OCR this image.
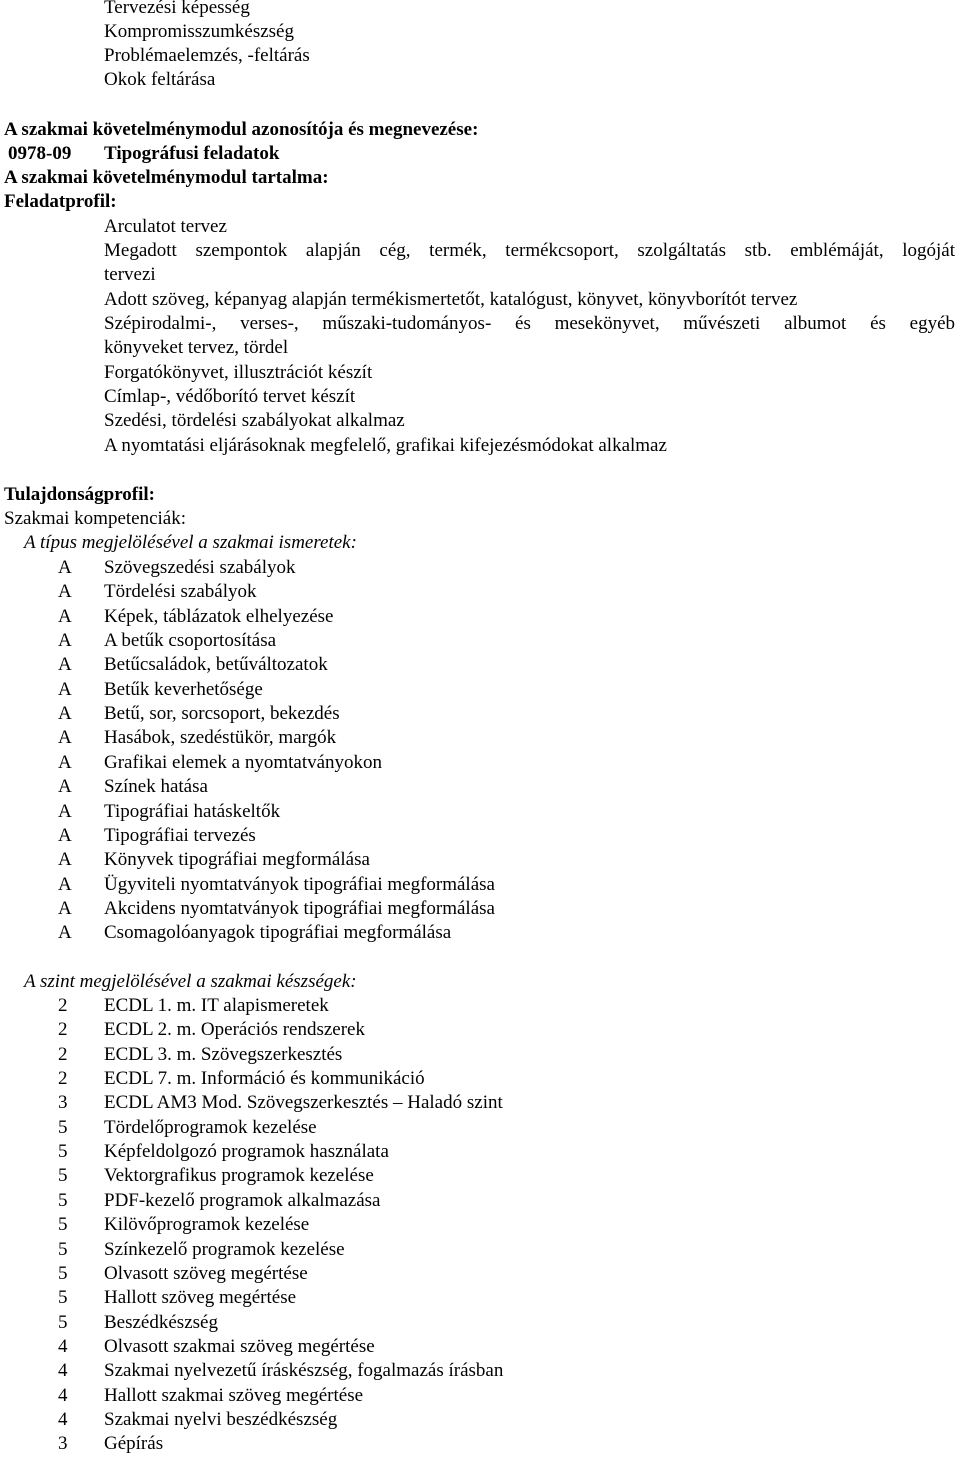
Tervezési képesség
Kompromisszumkészség
Problémaelemzés, -feltárás
Okok feltárása
A szakmai követelménymodul azonosítója és megnevezése:
0978-09 Tipográfusi feladatok
A szakmai követelménymodul tartalma:
Feladatprofil:
Arculatot tervez
Megadott szempontok alapján cég, termék, termékcsoport, szolgáltatás stb. emblémáját, logóját
tervezi
Adott szöveg, képanyag alapján termékismertetőt, katalógust, könyvet, könyvborítót tervez
Szépirodalmi-, verses-, műszaki-tudományos- és mesekönyvet, művészeti albumot és egyéb
könyveket tervez, tördel
Forgatókönyvet, illusztrációt készít
Címlap-, védőborító tervet készít
Szedési, tördelési szabályokat alkalmaz
A nyomtatási eljárásoknak megfelelő, grafikai kifejezésmódokat alkalmaz
Tulajdonságprofil:
Szakmai kompetenciák:
A típus megjelölésével a szakmai ismeretek:
A Szövegszedési szabályok
A Tördelési szabályok
A Képek, táblázatok elhelyezése
A A betűk csoportosítása
A Betűcsaládok, betűváltozatok
A Betűk keverhetősége
A Betű, sor, sorcsoport, bekezdés
A Hasábok, szedéstükör, margók
A Grafikai elemek a nyomtatványokon
A Színek hatása
A Tipográfiai hatáskeltők
A Tipográfiai tervezés
A Könyvek tipográfiai megformálása
A Ügyviteli nyomtatványok tipográfiai megformálása
A Akcidens nyomtatványok tipográfiai megformálása
A Csomagolóanyagok tipográfiai megformálása
A szint megjelölésével a szakmai készségek:
2 ECDL 1. m. IT alapismeretek
2 ECDL 2. m. Operációs rendszerek
2 ECDL 3. m. Szövegszerkesztés
2 ECDL 7. m. Információ és kommunikáció
3 ECDL AM3 Mod. Szövegszerkesztés – Haladó szint
5 Tördelőprogramok kezelése
5 Képfeldolgozó programok használata
5 Vektorgrafikus programok kezelése
5 PDF-kezelő programok alkalmazása
5 Kilövőprogramok kezelése
5 Színkezelő programok kezelése
5 Olvasott szöveg megértése
5 Hallott szöveg megértése
5 Beszédkészség
4 Olvasott szakmai szöveg megértése
4 Szakmai nyelvezetű íráskészség, fogalmazás írásban
4 Hallott szakmai szöveg megértése
4 Szakmai nyelvi beszédkészség
3 Gépírás
